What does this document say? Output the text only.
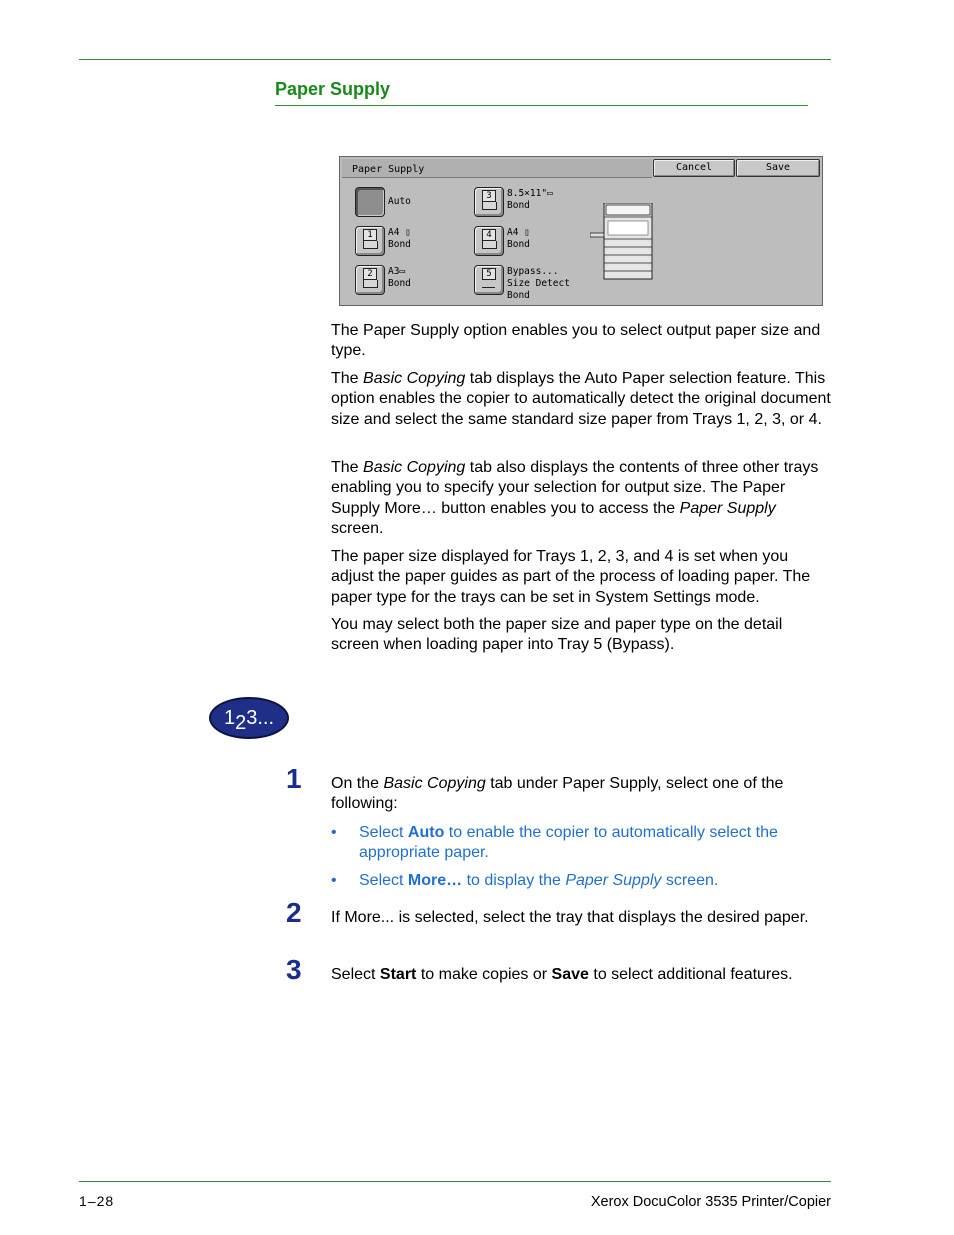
Paper Supply
Paper Supply	Cancel	Save
Auto
1	A4 ▯
Bond
2	A3▭
Bond
3	8.5×11"▭
Bond
4	A4 ▯
Bond
5	Bypass...
Size Detect
Bond

The Paper Supply option enables you to select output paper size and type.

The Basic Copying tab displays the Auto Paper selection feature. This option enables the copier to automatically detect the original document size and select the same standard size paper from Trays 1, 2, 3, or 4.

The Basic Copying tab also displays the contents of three other trays enabling you to specify your selection for output size. The Paper Supply More… button enables you to access the Paper Supply screen.

The paper size displayed for Trays 1, 2, 3, and 4 is set when you adjust the paper guides as part of the process of loading paper. The paper type for the trays can be set in System Settings mode.

You may select both the paper size and paper type on the detail screen when loading paper into Tray 5 (Bypass).

123...
1 On the Basic Copying tab under Paper Supply, select one of the following:

• Select Auto to enable the copier to automatically select the appropriate paper.
• Select More… to display the Paper Supply screen.
2 If More... is selected, select the tray that displays the desired paper.

3 Select Start to make copies or Save to select additional features.

1–28	Xerox DocuColor 3535 Printer/Copier
